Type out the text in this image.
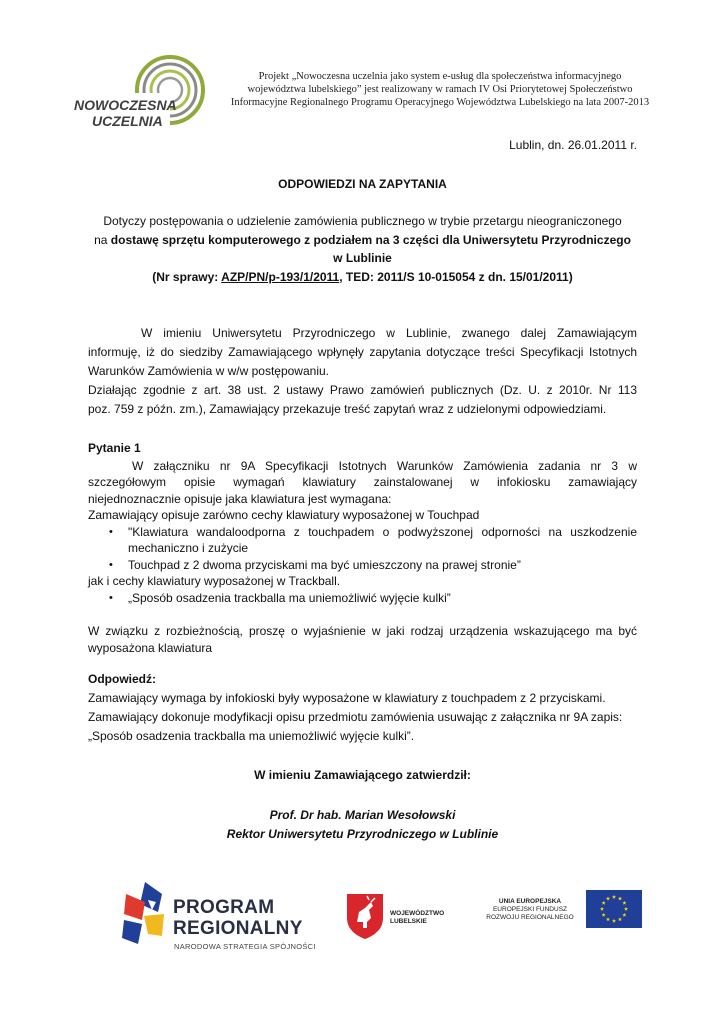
NOWOCZESNA
UCZELNIA
Projekt „Nowoczesna uczelnia jako system e-usług dla społeczeństwa informacyjnego
województwa lubelskiego” jest realizowany w ramach IV Osi Priorytetowej Społeczeństwo
Informacyjne Regionalnego Programu Operacyjnego Województwa Lubelskiego na lata 2007-2013
Lublin, dn. 26.01.2011 r.
ODPOWIEDZI NA ZAPYTANIA
Dotyczy postępowania o udzielenie zamówienia publicznego w trybie przetargu nieograniczonego
na dostawę sprzętu komputerowego z podziałem na 3 części dla Uniwersytetu Przyrodniczego
w Lublinie
(Nr sprawy: AZP/PN/p-193/1/2011, TED: 2011/S 10-015054 z dn. 15/01/2011)
W imieniu Uniwersytetu Przyrodniczego w Lublinie, zwanego dalej Zamawiającym
informuję, iż do siedziby Zamawiającego wpłynęły zapytania dotyczące treści Specyfikacji Istotnych
Warunków Zamówienia w w/w postępowaniu.
Działając zgodnie z art. 38 ust. 2 ustawy Prawo zamówień publicznych (Dz. U. z 2010r. Nr 113
poz. 759 z późn. zm.), Zamawiający przekazuje treść zapytań wraz z udzielonymi odpowiedziami.
Pytanie 1
W załączniku nr 9A Specyfikacji Istotnych Warunków Zamówienia zadania nr 3 w
szczegółowym opisie wymagań klawiatury zainstalowanej w infokiosku zamawiający
niejednoznacznie opisuje jaka klawiatura jest wymagana:
Zamawiający opisuje zarówno cechy klawiatury wyposażonej w Touchpad
• "Klawiatura wandaloodporna z touchpadem o podwyższonej odporności na uszkodzenie
mechaniczno i zużycie
• Touchpad z 2 dwoma przyciskami ma być umieszczony na prawej stronie”
jak i cechy klawiatury wyposażonej w Trackball.
• „Sposób osadzenia trackballa ma uniemożliwić wyjęcie kulki”
W związku z rozbieżnością, proszę o wyjaśnienie w jaki rodzaj urządzenia wskazującego ma być
wyposażona klawiatura
Odpowiedź:
Zamawiający wymaga by infokioski były wyposażone w klawiatury z touchpadem z 2 przyciskami.
Zamawiający dokonuje modyfikacji opisu przedmiotu zamówienia usuwając z załącznika nr 9A zapis:
„Sposób osadzenia trackballa ma uniemożliwić wyjęcie kulki”.
W imieniu Zamawiającego zatwierdził:
Prof. Dr hab. Marian Wesołowski
Rektor Uniwersytetu Przyrodniczego w Lublinie
PROGRAM
REGIONALNY
NARODOWA STRATEGIA SPÓJNOŚCI
WOJEWÓDZTWO
LUBELSKIE
UNIA EUROPEJSKA
EUROPEJSKI FUNDUSZ
ROZWOJU REGIONALNEGO
